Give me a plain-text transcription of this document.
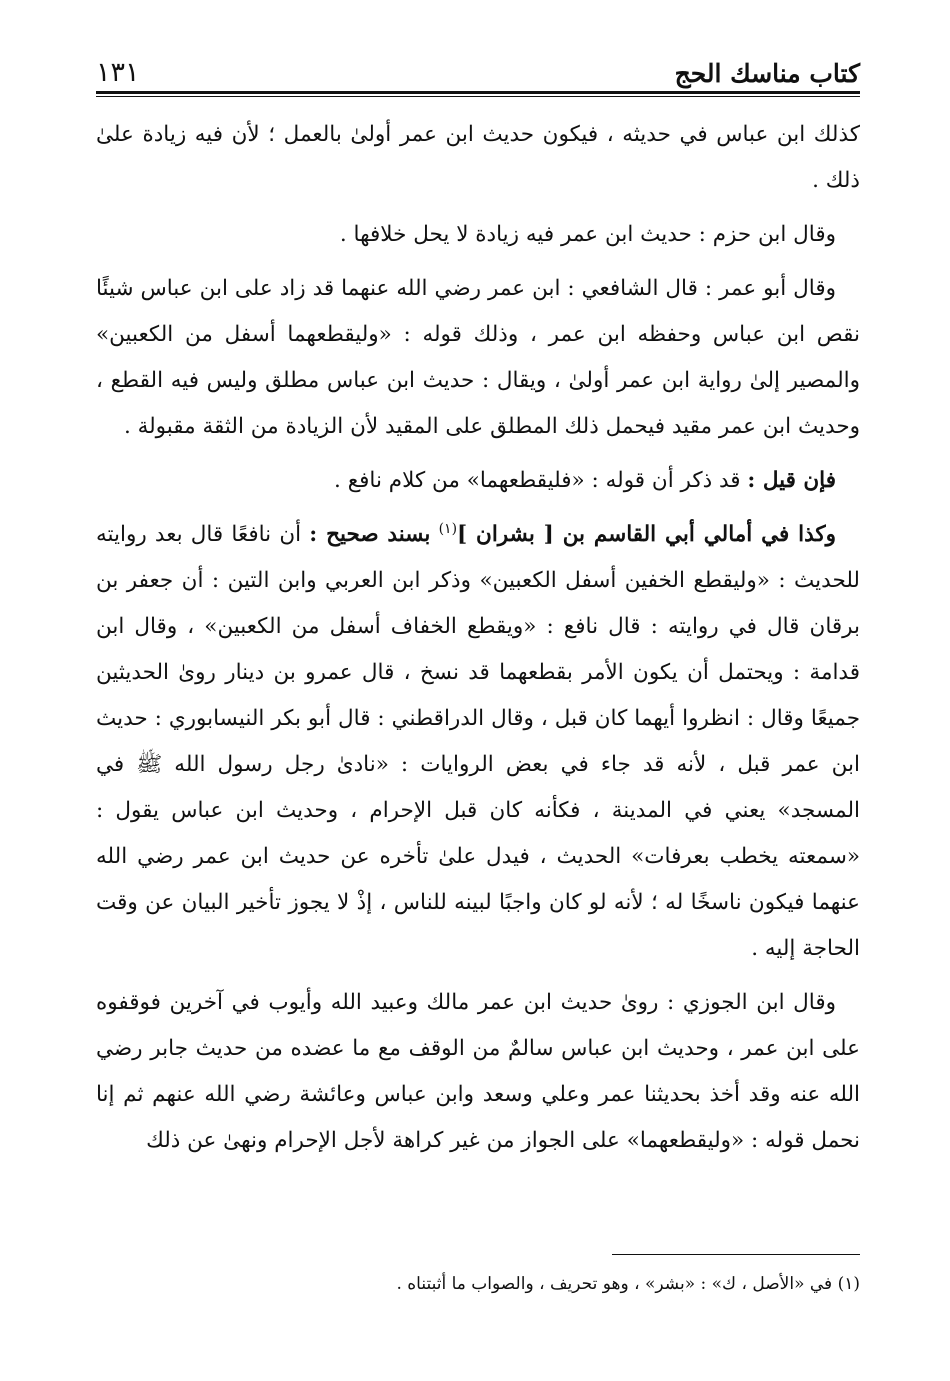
كتاب مناسك الحج
١٣١

كذلك ابن عباس في حديثه ، فيكون حديث ابن عمر أولىٰ بالعمل ؛ لأن فيه زيادة علىٰ ذلك .

وقال ابن حزم : حديث ابن عمر فيه زيادة لا يحل خلافها .

وقال أبو عمر : قال الشافعي : ابن عمر رضي الله عنهما قد زاد على ابن عباس شيئًا نقص ابن عباس وحفظه ابن عمر ، وذلك قوله : «وليقطعهما أسفل من الكعبين» والمصير إلىٰ رواية ابن عمر أولىٰ ، ويقال : حديث ابن عباس مطلق وليس فيه القطع ، وحديث ابن عمر مقيد فيحمل ذلك المطلق على المقيد لأن الزيادة من الثقة مقبولة .

فإن قيل : قد ذكر أن قوله : «فليقطعهما» من كلام نافع .

وكذا في أمالي أبي القاسم بن [ بشران ]$^{(١)}$ بسند صحيح : أن نافعًا قال بعد روايته للحديث : «وليقطع الخفين أسفل الكعبين» وذكر ابن العربي وابن التين : أن جعفر بن برقان قال في روايته : قال نافع : «ويقطع الخفاف أسفل من الكعبين» ، وقال ابن قدامة : ويحتمل أن يكون الأمر بقطعهما قد نسخ ، قال عمرو بن دينار روىٰ الحديثين جميعًا وقال : انظروا أيهما كان قبل ، وقال الدراقطني : قال أبو بكر النيسابوري : حديث ابن عمر قبل ، لأنه قد جاء في بعض الروايات : «نادىٰ رجل رسول الله ﷺ في المسجد» يعني في المدينة ، فكأنه كان قبل الإحرام ، وحديث ابن عباس يقول : «سمعته يخطب بعرفات» الحديث ، فيدل علىٰ تأخره عن حديث ابن عمر رضي الله عنهما فيكون ناسخًا له ؛ لأنه لو كان واجبًا لبينه للناس ، إذْ لا يجوز تأخير البيان عن وقت الحاجة إليه .

وقال ابن الجوزي : روىٰ حديث ابن عمر مالك وعبيد الله وأيوب في آخرين فوقفوه على ابن عمر ، وحديث ابن عباس سالمٌ من الوقف مع ما عضده من حديث جابر رضي الله عنه وقد أخذ بحديثنا عمر وعلي وسعد وابن عباس وعائشة رضي الله عنهم ثم إنا نحمل قوله : «وليقطعهما» على الجواز من غير كراهة لأجل الإحرام ونهىٰ عن ذلك

(١) في «الأصل ، ك» : «بشر» ، وهو تحريف ، والصواب ما أثبتناه .
